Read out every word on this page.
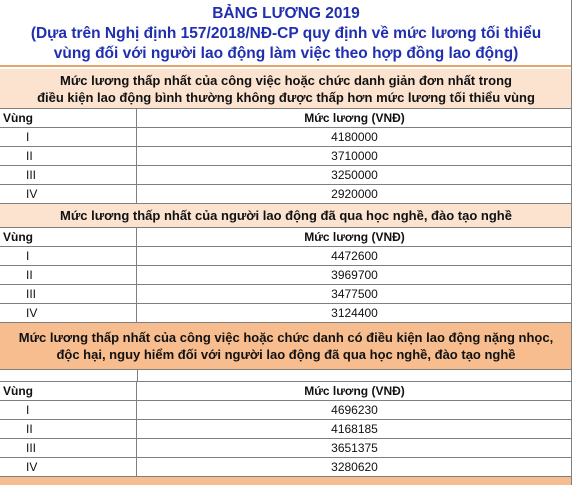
BẢNG LƯƠNG 2019
(Dựa trên Nghị định 157/2018/NĐ-CP quy định về mức lương tối thiểu
vùng đối với người lao động làm việc theo hợp đồng lao động)
Mức lương thấp nhất của công việc hoặc chức danh giản đơn nhất trong
điều kiện lao động bình thường không được thấp hơn mức lương tối thiểu vùng
Vùng	Mức lương (VNĐ)
I	4180000
II	3710000
III	3250000
IV	2920000
Mức lương thấp nhất của người lao động đã qua học nghề, đào tạo nghề
Vùng	Mức lương (VNĐ)
I	4472600
II	3969700
III	3477500
IV	3124400
Mức lương thấp nhất của công việc hoặc chức danh có điều kiện lao động nặng nhọc,
độc hại, nguy hiểm đối với người lao động đã qua học nghề, đào tạo nghề
Vùng	Mức lương (VNĐ)
I	4696230
II	4168185
III	3651375
IV	3280620
